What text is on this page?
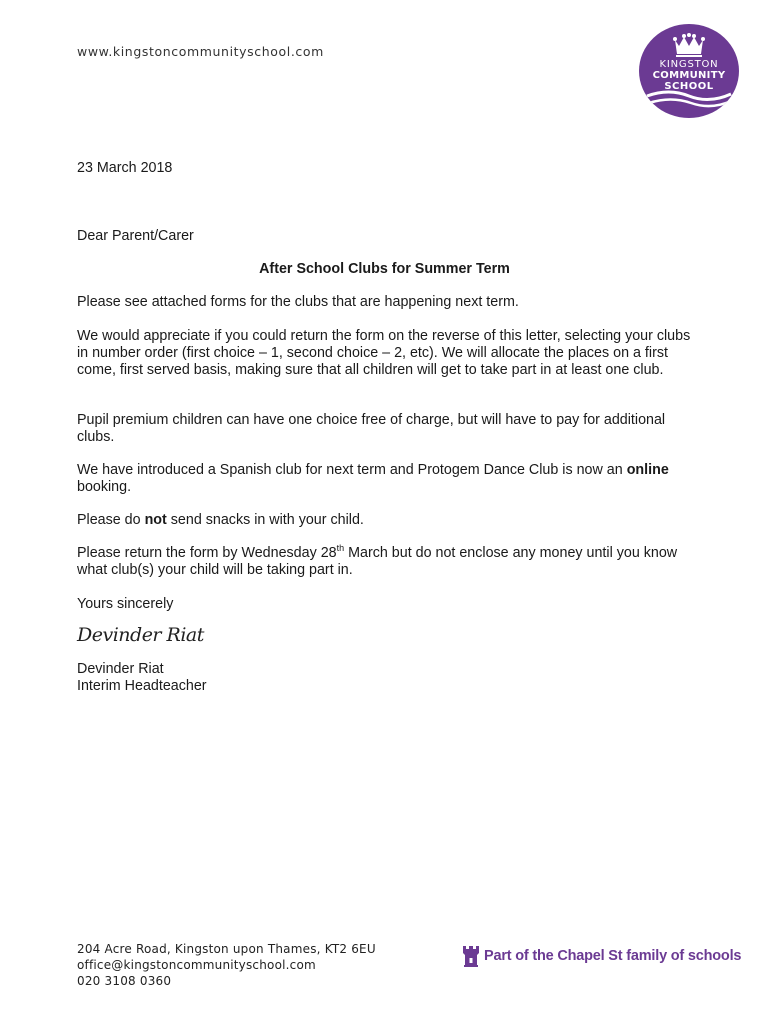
www.kingstoncommunityschool.com
KINGSTON
COMMUNITY
SCHOOL
23 March 2018
Dear Parent/Carer
After School Clubs for Summer Term
Please see attached forms for the clubs that are happening next term.
We would appreciate if you could return the form on the reverse of this letter, selecting your clubs in number order (first choice – 1, second choice – 2, etc). We will allocate the places on a first come, first served basis, making sure that all children will get to take part in at least one club.
Pupil premium children can have one choice free of charge, but will have to pay for additional clubs.
We have introduced a Spanish club for next term and Protogem Dance Club is now an online booking.
Please do not send snacks in with your child.
Please return the form by Wednesday 28th March but do not enclose any money until you know what club(s) your child will be taking part in.
Yours sincerely
Devinder Riat
Devinder Riat
Interim Headteacher
204 Acre Road, Kingston upon Thames, KT2 6EU
office@kingstoncommunityschool.com
020 3108 0360
Part of the Chapel St family of schools
